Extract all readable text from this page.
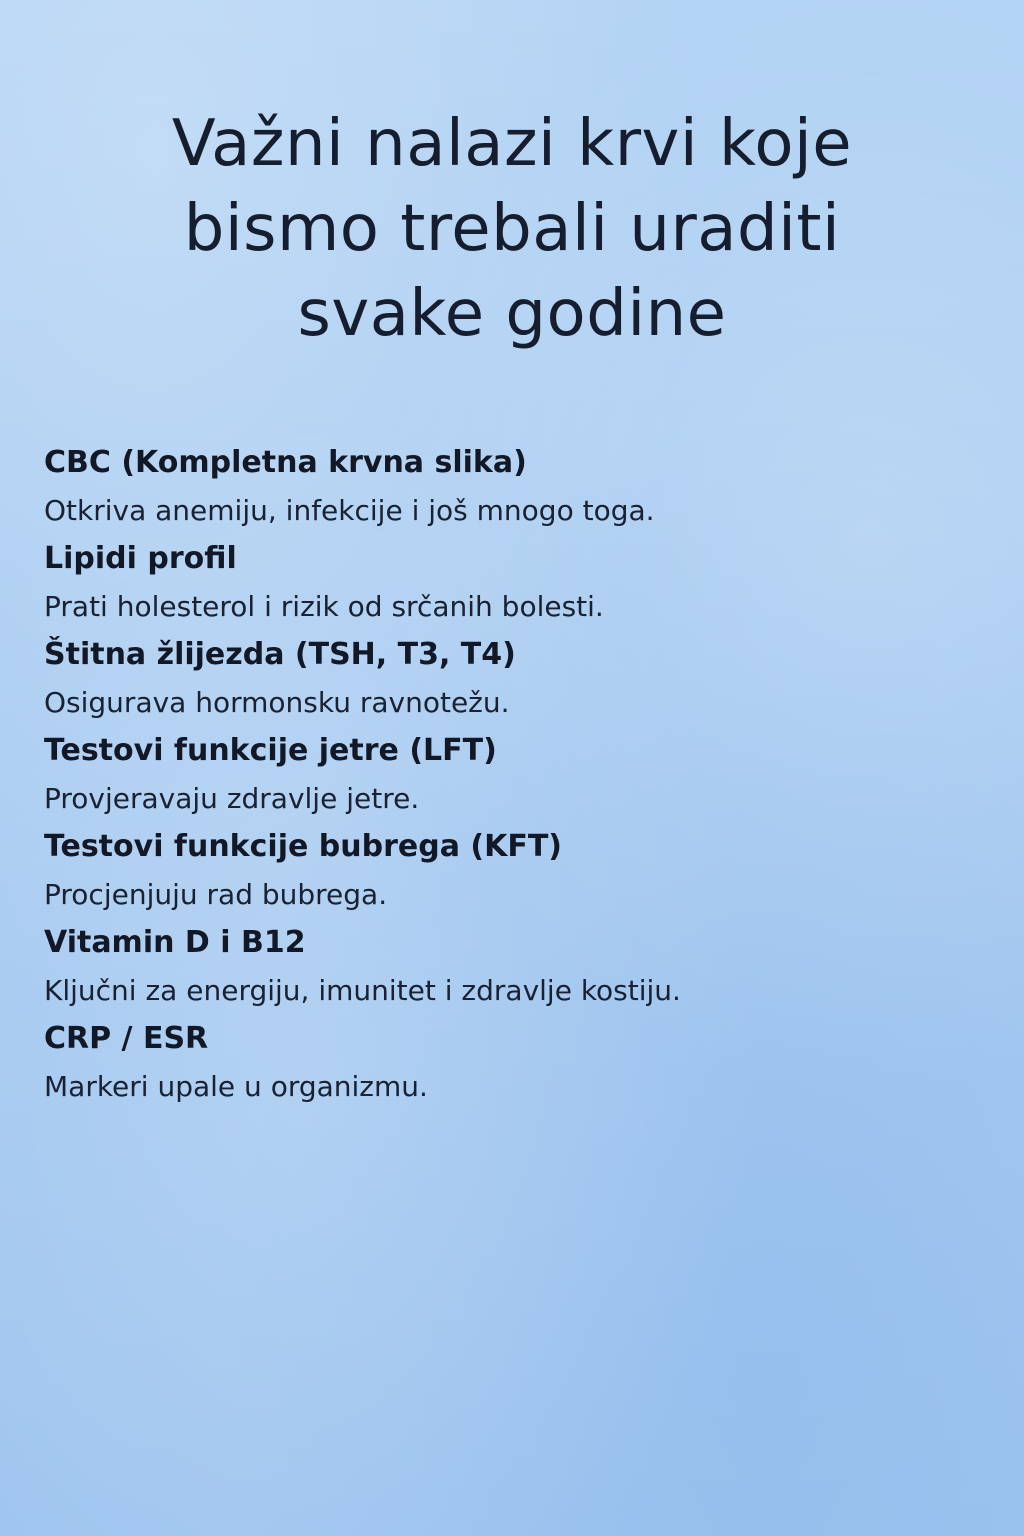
Važni nalazi krvi koje
bismo trebali uraditi
svake godine
CBC (Kompletna krvna slika)
Otkriva anemiju, infekcije i još mnogo toga.
Lipidi profil
Prati holesterol i rizik od srčanih bolesti.
Štitna žlijezda (TSH, T3, T4)
Osigurava hormonsku ravnotežu.
Testovi funkcije jetre (LFT)
Provjeravaju zdravlje jetre.
Testovi funkcije bubrega (KFT)
Procjenjuju rad bubrega.
Vitamin D i B12
Ključni za energiju, imunitet i zdravlje kostiju.
CRP / ESR
Markeri upale u organizmu.
